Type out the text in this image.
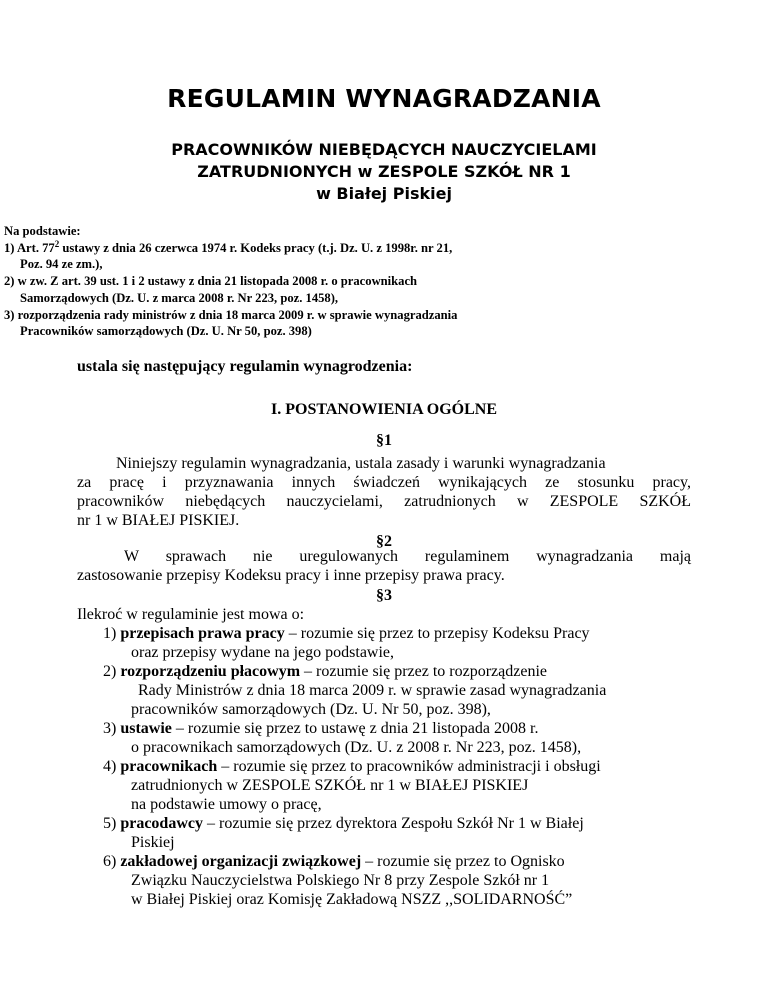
REGULAMIN WYNAGRADZANIA
PRACOWNIKÓW NIEBĘDĄCYCH NAUCZYCIELAMI
ZATRUDNIONYCH w ZESPOLE SZKÓŁ NR 1
w Białej Piskiej
Na podstawie:
1) Art. $77^2$ ustawy z dnia 26 czerwca 1974 r. Kodeks pracy (t.j. Dz. U. z 1998r. nr 21,
Poz. 94 ze zm.),
2) w zw. Z art. 39 ust. 1 i 2 ustawy z dnia 21 listopada 2008 r. o pracownikach
Samorządowych (Dz. U. z marca 2008 r. Nr 223, poz. 1458),
3) rozporządzenia rady ministrów z dnia 18 marca 2009 r. w sprawie wynagradzania
Pracowników samorządowych (Dz. U. Nr 50, poz. 398)
ustala się następujący regulamin wynagrodzenia:
I. POSTANOWIENIA OGÓLNE
§1
Niniejszy regulamin wynagradzania, ustala zasady i warunki wynagradzania
za pracę i przyznawania innych świadczeń wynikających ze stosunku pracy,
pracowników niebędących nauczycielami, zatrudnionych w ZESPOLE SZKÓŁ
nr 1 w BIAŁEJ PISKIEJ.
§2
W sprawach nie uregulowanych regulaminem wynagradzania mają
zastosowanie przepisy Kodeksu pracy i inne przepisy prawa pracy.
§3
Ilekroć w regulaminie jest mowa o:
1) przepisach prawa pracy – rozumie się przez to przepisy Kodeksu Pracy
oraz przepisy wydane na jego podstawie,
2) rozporządzeniu płacowym – rozumie się przez to rozporządzenie
Rady Ministrów z dnia 18 marca 2009 r. w sprawie zasad wynagradzania
pracowników samorządowych (Dz. U. Nr 50, poz. 398),
3) ustawie – rozumie się przez to ustawę z dnia 21 listopada 2008 r.
o pracownikach samorządowych (Dz. U. z 2008 r. Nr 223, poz. 1458),
4) pracownikach – rozumie się przez to pracowników administracji i obsługi
zatrudnionych w ZESPOLE SZKÓŁ nr 1 w BIAŁEJ PISKIEJ
na podstawie umowy o pracę,
5) pracodawcy – rozumie się przez dyrektora Zespołu Szkół Nr 1 w Białej
Piskiej
6) zakładowej organizacji związkowej – rozumie się przez to Ognisko
Związku Nauczycielstwa Polskiego Nr 8 przy Zespole Szkół nr 1
w Białej Piskiej oraz Komisję Zakładową NSZZ ,,SOLIDARNOŚĆ”
